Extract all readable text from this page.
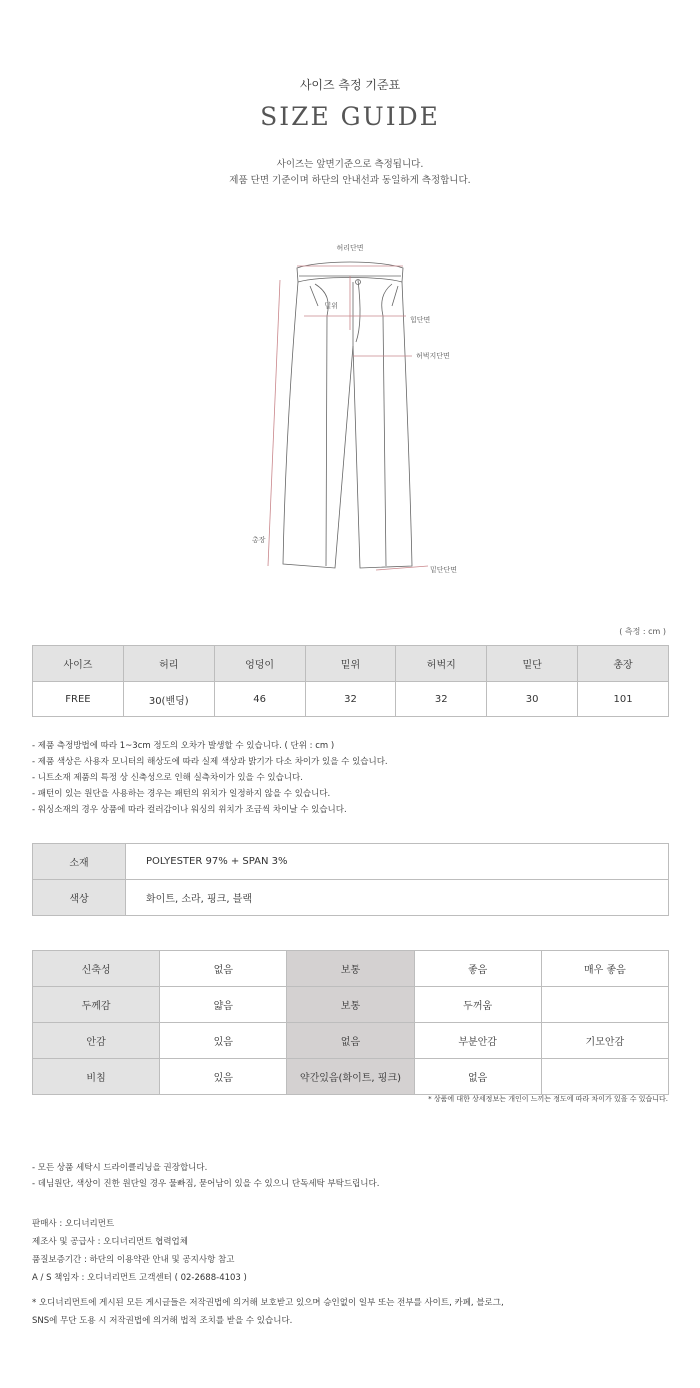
사이즈 측정 기준표
SIZE GUIDE
사이즈는 앞면기준으로 측정됩니다.
제품 단면 기준이며 하단의 안내선과 동일하게 측정합니다.
허리단면
밑위
힙단면
허벅지단면
총장
밑단단면
( 측정 : cm )
사이즈	허리	엉덩이	밑위	허벅지	밑단	총장
FREE	30(밴딩)	46	32	32	30	101
- 제품 측정방법에 따라 1~3cm 정도의 오차가 발생할 수 있습니다. ( 단위 : cm )
- 제품 색상은 사용자 모니터의 해상도에 따라 실제 색상과 밝기가 다소 차이가 있을 수 있습니다.
- 니트소재 제품의 특정 상 신축성으로 인해 실측차이가 있을 수 있습니다.
- 패턴이 있는 원단을 사용하는 경우는 패턴의 위치가 일정하지 않을 수 있습니다.
- 워싱소재의 경우 상품에 따라 컬러감이나 워싱의 위치가 조금씩 차이날 수 있습니다.
소재	POLYESTER 97% + SPAN 3%
색상	화이트, 소라, 핑크, 블랙
신축성	없음	보통	좋음	매우 좋음
두께감	얇음	보통	두꺼움	
안감	있음	없음	부분안감	기모안감
비침	있음	약간있음(화이트, 핑크)	없음	
* 상품에 대한 상세정보는 개인이 느끼는 정도에 따라 차이가 있을 수 있습니다.
- 모든 상품 세탁시 드라이클리닝을 권장합니다.
- 데님원단, 색상이 진한 원단일 경우 물빠짐, 묻어남이 있을 수 있으니 단독세탁 부탁드립니다.
판매사 : 오디너리먼트
제조사 및 공급사 : 오디너리먼트 협력업체
품질보증기간 : 하단의 이용약관 안내 및 공지사항 참고
A / S 책임자 : 오디너리먼트 고객센터 ( 02-2688-4103 )
* 오디너리먼트에 게시된 모든 게시글들은 저작권법에 의거해 보호받고 있으며 승인없이 일부 또는 전부를 사이트, 카페, 블로그,
SNS에 무단 도용 시 저작권법에 의거해 법적 조치를 받을 수 있습니다.
